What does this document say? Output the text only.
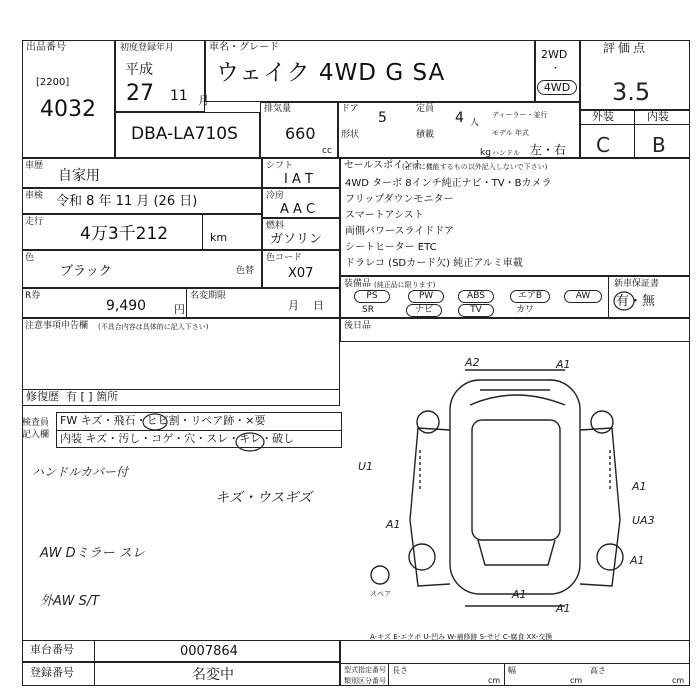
出品番号
[2200]
4032
初度登録年月
平成
27 11 月
車名・グレード
ウェイク 4WD G SA
DBA-LA710S
排気量
660
cc
ドア
5
定員
4 人
ディーラー・並行
形状	積載	モデル 年式
kg ハンドル 左・右
2WD
・
4WD
評価点
3.5
外装	内装
C B
車歴
自家用
車検 令和 8 年 11 月 (26 日)
走行
4万3千212	km
色
ブラック	色替
R券
9,490	円
名変期限
月    日
シフト
I A T
冷房
A A C
燃料
ガソリン
色コード
X07
注意事項申告欄 (不具合内容は具体的に記入下さい)
修復歴 有 [ ] 箇所
検査員
記入欄
FW キズ・飛石・ヒビ割・リペア跡・×要
内装 キズ・汚し・コゲ・穴・スレ・キレ・破し
ハンドルカバー付
キズ・ウスギズ
AW Dミラー スレ
外AW S/T
セールスポイント
(正常に機能するもの以外記入しないで下さい)
4WD ターボ 8インチ純正ナビ・TV・Bカメラ
フリップダウンモニター
スマートアシスト
両側パワースライドドア
シートヒーター ETC
ドラレコ (SDカード欠) 純正アルミ車載
装備品 (純正品に限ります)
PS	PW	ABS	エアB	AW
SR	ナビ	TV	カワ
新車保証書
有・無
後日品
A2	A1
U1
A1
A1
UA3
A1
A1
A1
スペア
A-キズ E-エクボ U-凹み W-補修跡 S-サビ C-腐食 XX-交換
車台番号	0007864
登録番号	名変中	型式指定番号
類別区分番号
長さ	幅	高さ
cm	cm	cm
